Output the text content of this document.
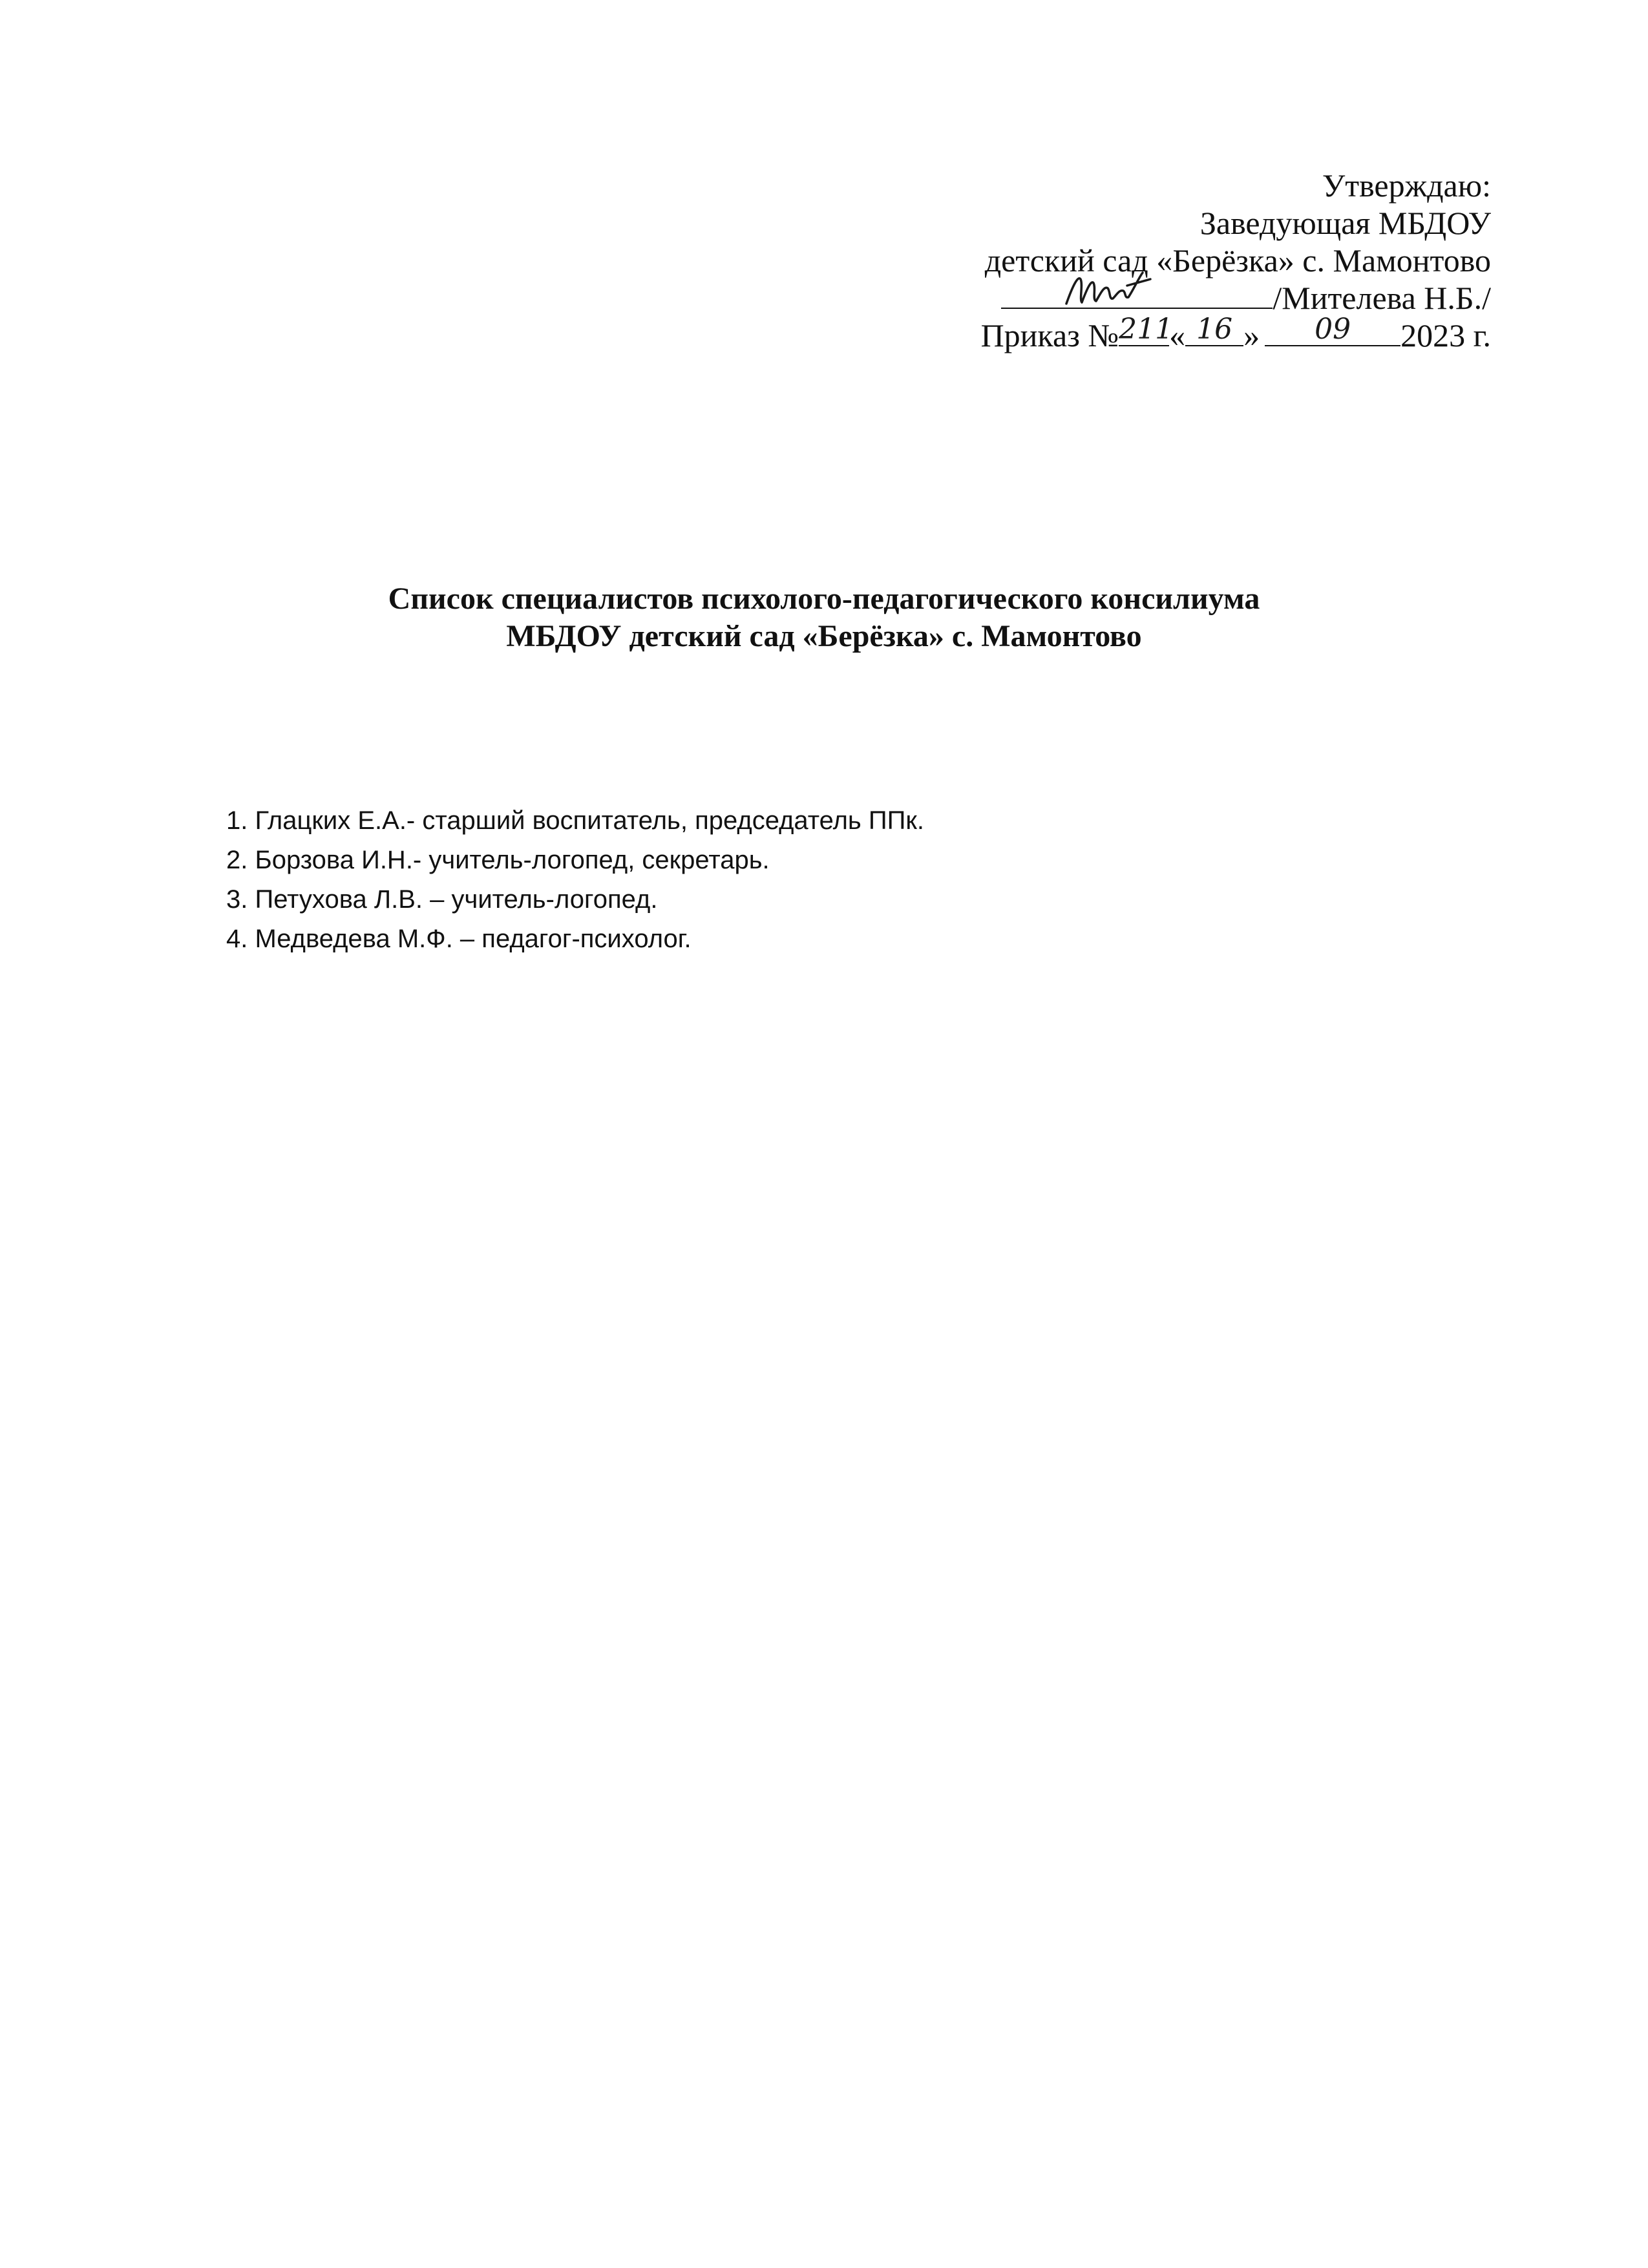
Утверждаю:
Заведующая МБДОУ
детский сад «Берёзка» с. Мамонтово
/Мителева Н.Б./
Приказ № 211
« 16 »	09	2023 г.
Список специалистов психолого-педагогического консилиума
МБДОУ детский сад «Берёзка» с. Мамонтово
1. Глацких Е.А.- старший воспитатель, председатель ППк.
2. Борзова И.Н.- учитель-логопед, секретарь.
3. Петухова Л.В. – учитель-логопед.
4. Медведева М.Ф. – педагог-психолог.
